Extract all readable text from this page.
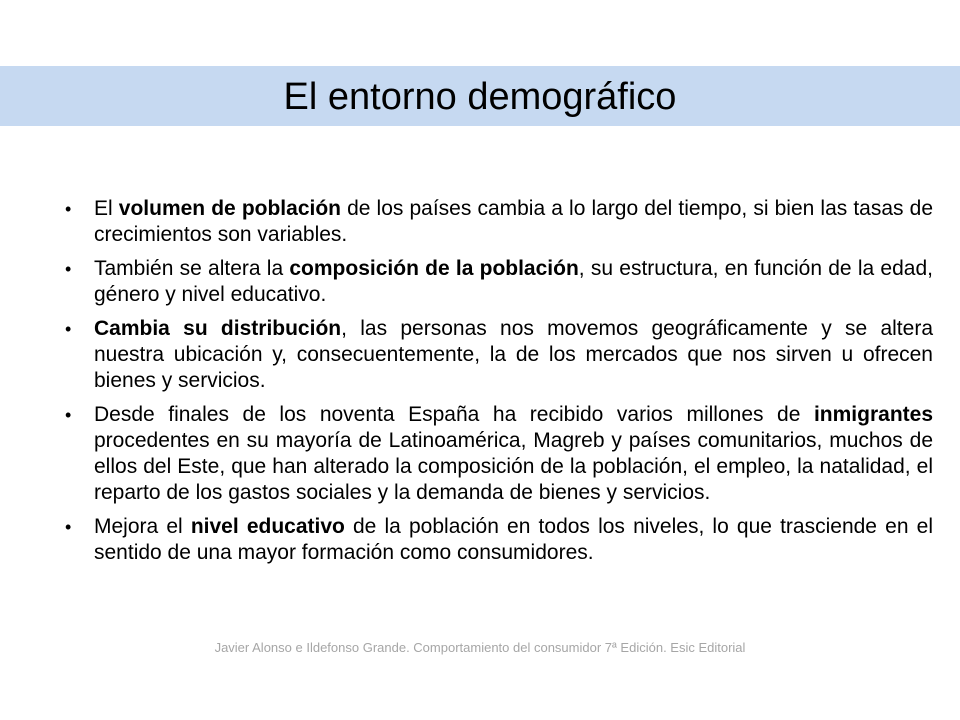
El entorno demográfico
•	El volumen de población de los países cambia a lo largo del tiempo, si bien las tasas de crecimientos son variables.
•	También se altera la composición de la población, su estructura, en función de la edad, género y nivel educativo.
•	Cambia su distribución, las personas nos movemos geográficamente y se altera nuestra ubicación y, consecuentemente, la de los mercados que nos sirven u ofrecen bienes y servicios.
•	Desde finales de los noventa España ha recibido varios millones de inmigrantes procedentes en su mayoría de Latinoamérica, Magreb y países comunitarios, muchos de ellos del Este, que han alterado la composición de la población, el empleo, la natalidad, el reparto de los gastos sociales y la demanda de bienes y servicios.
•	Mejora el nivel educativo de la población en todos los niveles, lo que trasciende en el sentido de una mayor formación como consumidores.
Javier Alonso e Ildefonso Grande. Comportamiento del consumidor 7ª Edición. Esic Editorial
